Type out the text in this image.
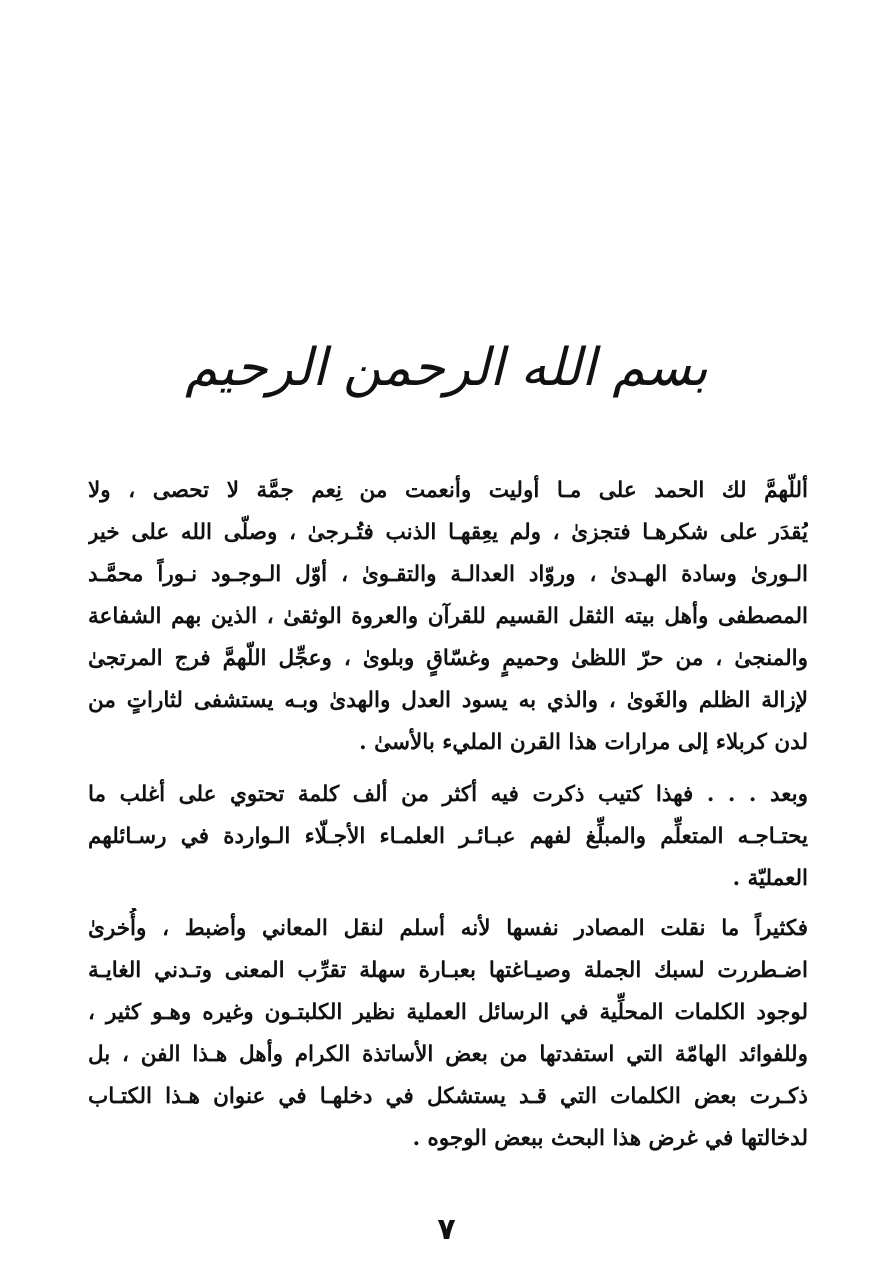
بسم الله الرحمن الرحيم
أللّهمَّ لك الحمد على مـا أوليت وأنعمت من نِعم جمَّة لا تحصى ، ولا
يُقدَر على شكرهـا فتجزىٰ ، ولم يعِقهـا الذنب فتُـرجىٰ ، وصلّى الله على خير
الـورىٰ وسادة الهـدىٰ ، وروّاد العدالـة والتقـوىٰ ، أوّل الـوجـود نـوراً محمَّـد
المصطفى وأهل بيته الثقل القسيم للقرآن والعروة الوثقىٰ ، الذين بهم الشفاعة
والمنجىٰ ، من حرّ اللظىٰ وحميمٍ وغسّاقٍ وبلوىٰ ، وعجِّل اللّهمَّ فرج المرتجىٰ
لإزالة الظلم والغَوىٰ ، والذي به يسود العدل والهدىٰ وبـه يستشفى لثاراتٍ من
لدن كربلاء إلى مرارات هذا القرن المليء بالأسىٰ .
وبعد . . . فهذا كتيب ذكرت فيه أكثر من ألف كلمة تحتوي على أغلب ما
يحتـاجـه المتعلِّم والمبلِّغ لفهم عبـائـر العلمـاء الأجـلّاء الـواردة في رسـائلهم
العمليّة .
فكثيراً ما نقلت المصادر نفسها لأنه أسلم لنقل المعاني وأضبط ، وأُخرىٰ
اضـطررت لسبك الجملة وصيـاغتها بعبـارة سهلة تقرِّب المعنى وتـدني الغايـة
لوجود الكلمات المحلِّية في الرسائل العملية نظير الكلبتـون وغيره وهـو كثير ،
وللفوائد الهامّة التي استفدتها من بعض الأساتذة الكرام وأهل هـذا الفن ، بل
ذكـرت بعض الكلمات التي قـد يستشكل في دخلهـا في عنوان هـذا الكتـاب
لدخالتها في غرض هذا البحث ببعض الوجوه .
٧
